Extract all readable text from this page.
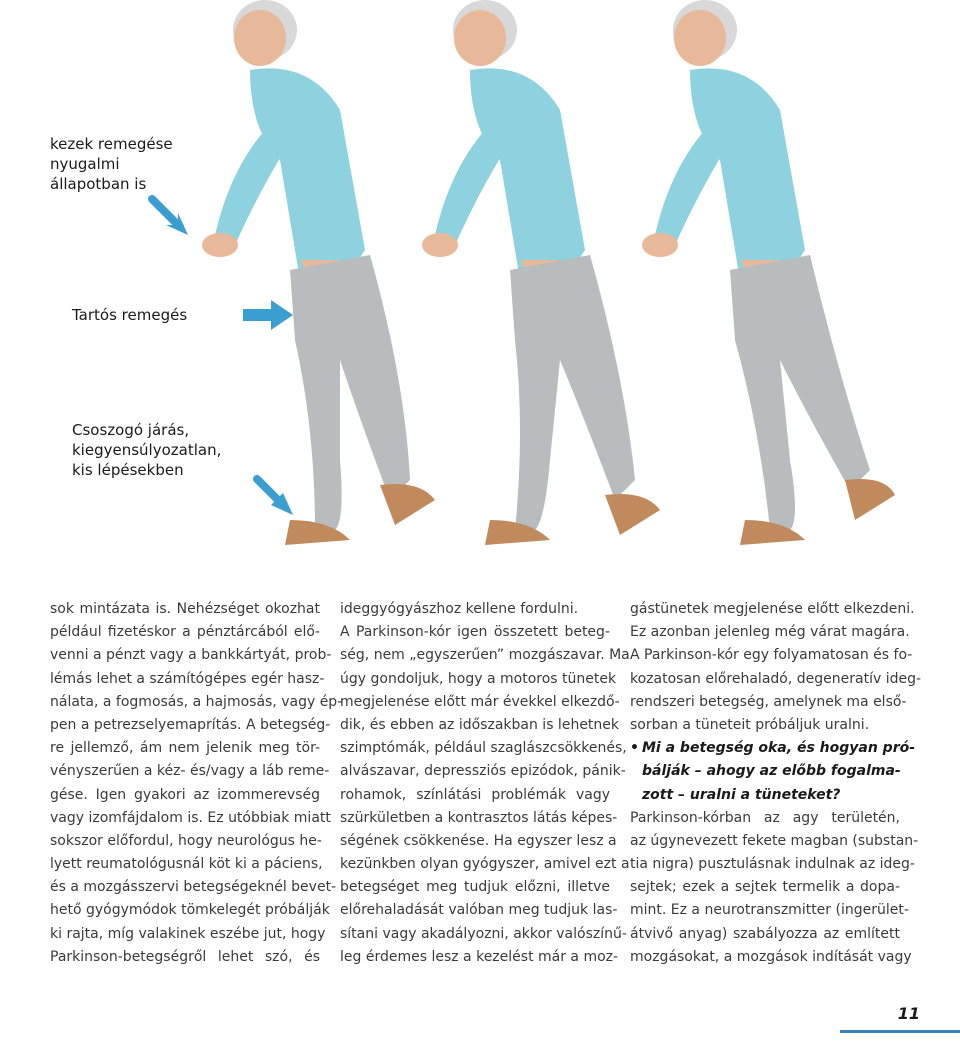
kezek remegése
nyugalmi
állapotban is
Tartós remegés
Csoszogó járás,
kiegyensúlyozatlan,
kis lépésekben
sok mintázata is. Nehézséget okozhat
például fizetéskor a pénztárcából elő-
venni a pénzt vagy a bankkártyát, prob-
lémás lehet a számítógépes egér hasz-
nálata, a fogmosás, a hajmosás, vagy ép-
pen a petrezselyemaprítás. A betegség-
re jellemző, ám nem jelenik meg tör-
vényszerűen a kéz- és/vagy a láb reme-
gése. Igen gyakori az izommerevség
vagy izomfájdalom is. Ez utóbbiak miatt
sokszor előfordul, hogy neurológus he-
lyett reumatológusnál köt ki a páciens,
és a mozgásszervi betegségeknél bevet-
hető gyógymódok tömkelegét próbálják
ki rajta, míg valakinek eszébe jut, hogy
Parkinson-betegségről lehet szó, és
ideggyógyászhoz kellene fordulni.
A Parkinson-kór igen összetett beteg-
ség, nem „egyszerűen” mozgászavar. Ma
úgy gondoljuk, hogy a motoros tünetek
megjelenése előtt már évekkel elkezdő-
dik, és ebben az időszakban is lehetnek
szimptómák, például szaglászcsökkenés,
alvászavar, depressziós epizódok, pánik-
rohamok, színlátási problémák vagy
szürkületben a kontrasztos látás képes-
ségének csökkenése. Ha egyszer lesz a
kezünkben olyan gyógyszer, amivel ezt a
betegséget meg tudjuk előzni, illetve
előrehaladását valóban meg tudjuk las-
sítani vagy akadályozni, akkor valószínű-
leg érdemes lesz a kezelést már a moz-
gástünetek megjelenése előtt elkezdeni.
Ez azonban jelenleg még várat magára.
A Parkinson-kór egy folyamatosan és fo-
kozatosan előrehaladó, degeneratív ideg-
rendszeri betegség, amelynek ma első-
sorban a tüneteit próbáljuk uralni.
• Mi a betegség oka, és hogyan pró-
bálják – ahogy az előbb fogalma-
zott – uralni a tüneteket?
Parkinson-kórban az agy területén,
az úgynevezett fekete magban (substan-
tia nigra) pusztulásnak indulnak az ideg-
sejtek; ezek a sejtek termelik a dopa-
mint. Ez a neurotranszmitter (ingerület-
átvivő anyag) szabályozza az említett
mozgásokat, a mozgások indítását vagy
11
